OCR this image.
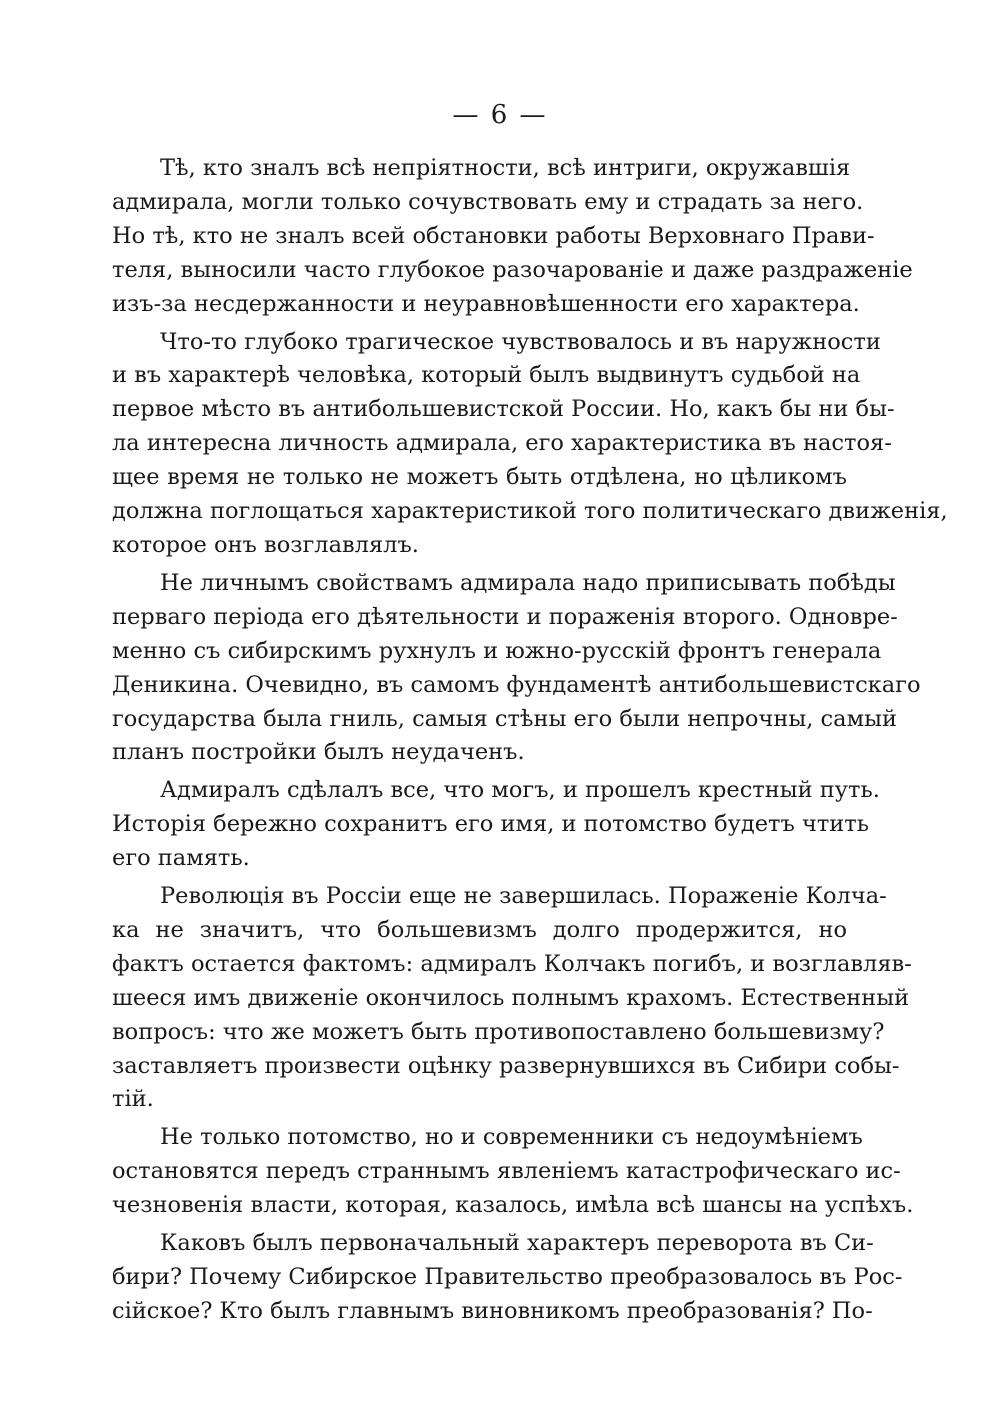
— 6 —
Тѣ, кто зналъ всѣ непріятности, всѣ интриги, окружавшія
адмирала, могли только сочувствовать ему и страдать за него.
Но тѣ, кто не зналъ всей обстановки работы Верховнаго Прави-
теля, выносили часто глубокое разочарованіе и даже раздраженіе
изъ-за несдержанности и неуравновѣшенности его характера.
Что-то глубоко трагическое чувствовалось и въ наружности
и въ характерѣ человѣка, который былъ выдвинутъ судьбой на
первое мѣсто въ антибольшевистской России. Но, какъ бы ни бы-
ла интересна личность адмирала, его характеристика въ настоя-
щее время не только не можетъ быть отдѣлена, но цѣликомъ
должна поглощаться характеристикой того политическаго движенія,
которое онъ возглавлялъ.
Не личнымъ свойствамъ адмирала надо приписывать побѣды
перваго періода его дѣятельности и пораженія второго. Одновре-
менно съ сибирскимъ рухнулъ и южно-русскій фронтъ генерала
Деникина. Очевидно, въ самомъ фундаментѣ антибольшевистскаго
государства была гниль, самыя стѣны его были непрочны, самый
планъ постройки былъ неудаченъ.
Адмиралъ сдѣлалъ все, что могъ, и прошелъ крестный путь.
Исторія бережно сохранитъ его имя, и потомство будетъ чтить
его память.
Революція въ Россіи еще не завершилась. Пораженіе Колча-
ка не значитъ, что большевизмъ долго продержится, но
фактъ остается фактомъ: адмиралъ Колчакъ погибъ, и возглавляв-
шееся имъ движеніе окончилось полнымъ крахомъ. Естественный
вопросъ: что же можетъ быть противопоставлено большевизму?
заставляетъ произвести оцѣнку развернувшихся въ Сибири собы-
тій.
Не только потомство, но и современники съ недоумѣніемъ
остановятся передъ страннымъ явленіемъ катастрофическаго ис-
чезновенія власти, которая, казалось, имѣла всѣ шансы на успѣхъ.
Каковъ былъ первоначальный характеръ переворота въ Си-
бири? Почему Сибирское Правительство преобразовалось въ Рос-
сійское? Кто былъ главнымъ виновникомъ преобразованія? По-
